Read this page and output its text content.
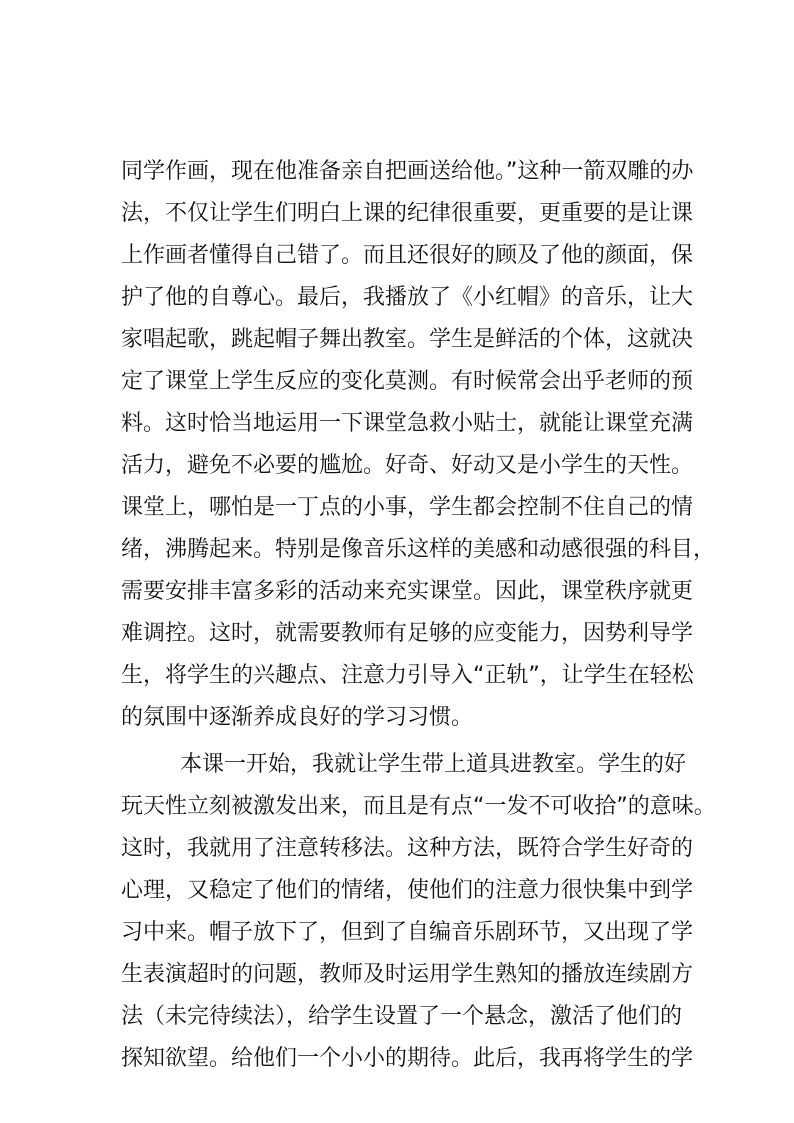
同学作画，现在他准备亲自把画送给他。”这种一箭双雕的办
法，不仅让学生们明白上课的纪律很重要，更重要的是让课
上作画者懂得自己错了。而且还很好的顾及了他的颜面，保
护了他的自尊心。最后，我播放了《小红帽》的音乐，让大
家唱起歌，跳起帽子舞出教室。学生是鲜活的个体，这就决
定了课堂上学生反应的变化莫测。有时候常会出乎老师的预
料。这时恰当地运用一下课堂急救小贴士，就能让课堂充满
活力，避免不必要的尴尬。好奇、好动又是小学生的天性。
课堂上，哪怕是一丁点的小事，学生都会控制不住自己的情
绪，沸腾起来。特别是像音乐这样的美感和动感很强的科目，
需要安排丰富多彩的活动来充实课堂。因此，课堂秩序就更
难调控。这时，就需要教师有足够的应变能力，因势利导学
生，将学生的兴趣点、注意力引导入“正轨”，让学生在轻松
的氛围中逐渐养成良好的学习习惯。
本课一开始，我就让学生带上道具进教室。学生的好
玩天性立刻被激发出来，而且是有点“一发不可收拾”的意味。
这时，我就用了注意转移法。这种方法，既符合学生好奇的
心理，又稳定了他们的情绪，使他们的注意力很快集中到学
习中来。帽子放下了，但到了自编音乐剧环节，又出现了学
生表演超时的问题，教师及时运用学生熟知的播放连续剧方
法（未完待续法），给学生设置了一个悬念，激活了他们的
探知欲望。给他们一个小小的期待。此后，我再将学生的学
